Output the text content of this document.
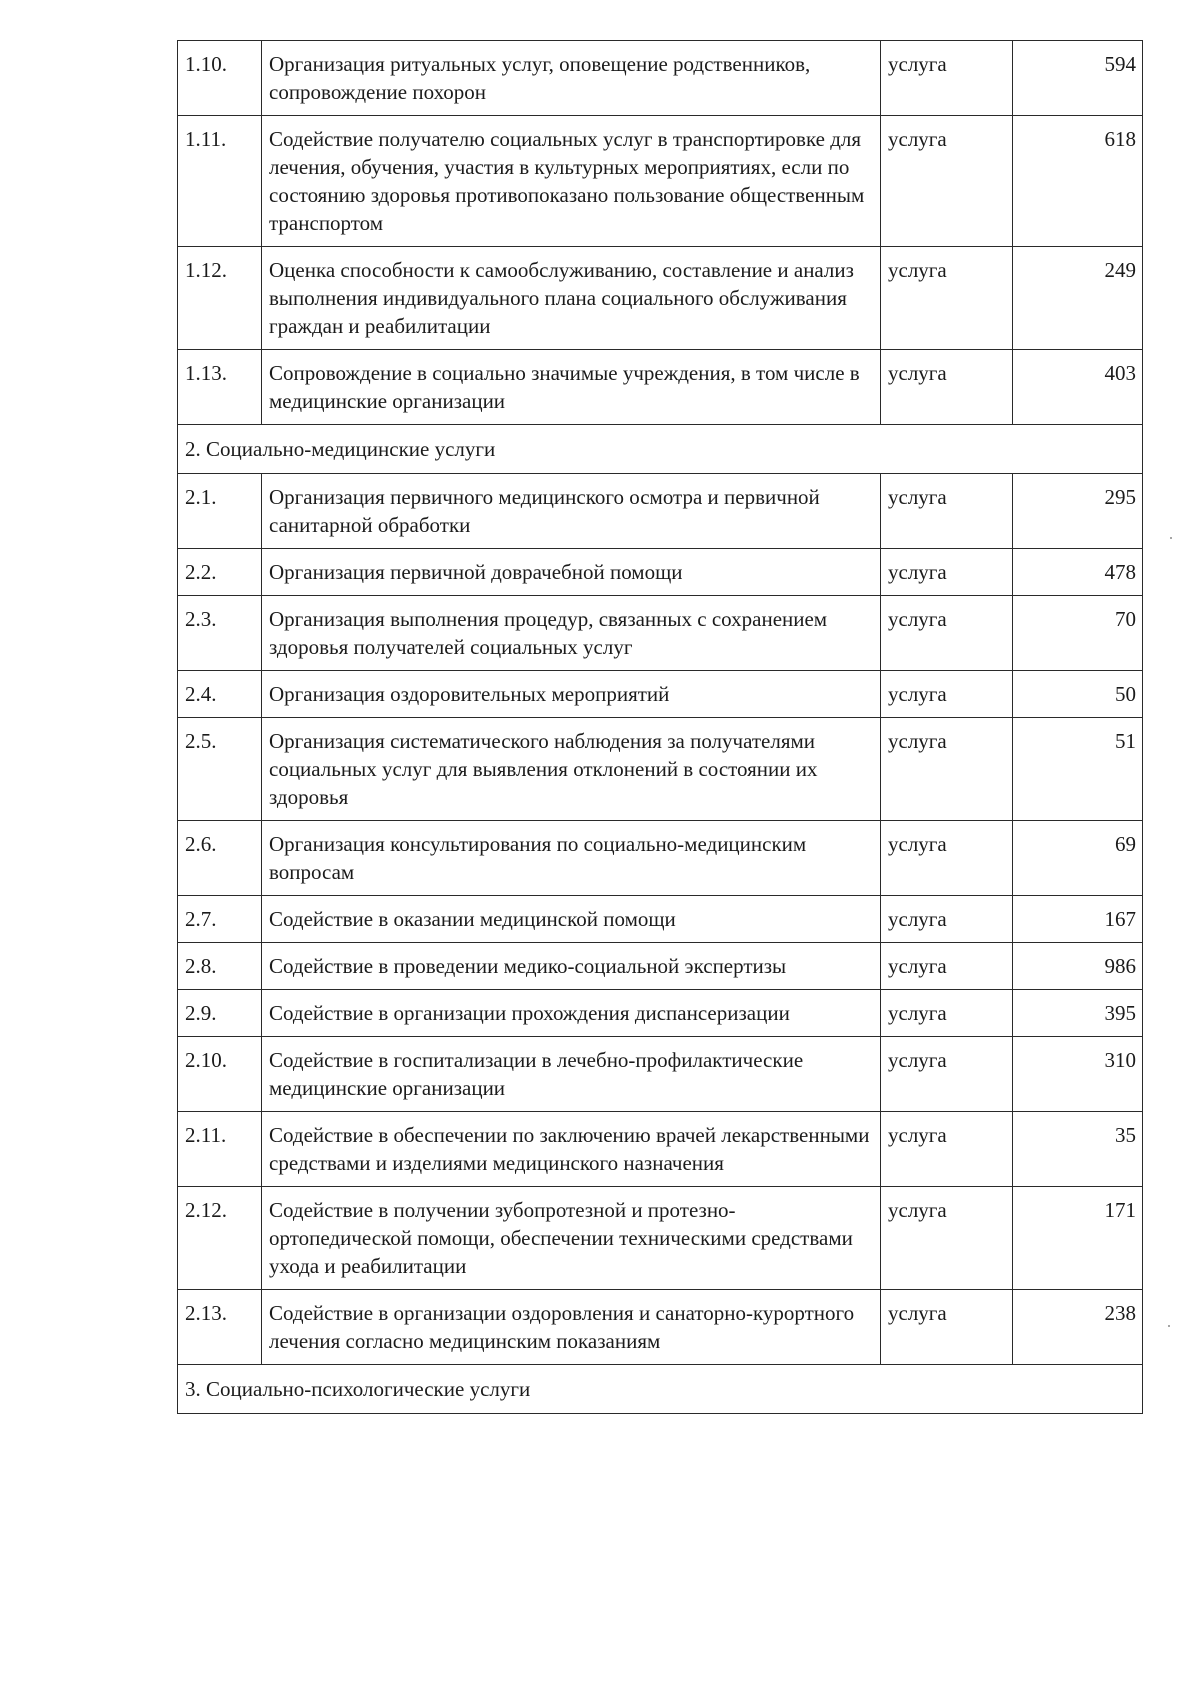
1.10.	Организация ритуальных услуг, оповещение родственников, сопровождение похорон	услуга	594
1.11.	Содействие получателю социальных услуг в транспортировке для лечения, обучения, участия в культурных мероприятиях, если по состоянию здоровья противопоказано пользование общественным транспортом	услуга	618
1.12.	Оценка способности к самообслуживанию, составление и анализ выполнения индивидуального плана социального обслуживания граждан и реабилитации	услуга	249
1.13.	Сопровождение в социально значимые учреждения, в том числе в медицинские организации	услуга	403
2. Социально-медицинские услуги			
2.1.	Организация первичного медицинского осмотра и первичной санитарной обработки	услуга	295
2.2.	Организация первичной доврачебной помощи	услуга	478
2.3.	Организация выполнения процедур, связанных с сохранением здоровья получателей социальных услуг	услуга	70
2.4.	Организация оздоровительных мероприятий	услуга	50
2.5.	Организация систематического наблюдения за получателями социальных услуг для выявления отклонений в состоянии их здоровья	услуга	51
2.6.	Организация консультирования по социально-медицинским вопросам	услуга	69
2.7.	Содействие в оказании медицинской помощи	услуга	167
2.8.	Содействие в проведении медико-социальной экспертизы	услуга	986
2.9.	Содействие в организации прохождения диспансеризации	услуга	395
2.10.	Содействие в госпитализации в лечебно-профилактические медицинские организации	услуга	310
2.11.	Содействие в обеспечении по заключению врачей лекарственными средствами и изделиями медицинского назначения	услуга	35
2.12.	Содействие в получении зубопротезной и протезно-ортопедической помощи, обеспечении техническими средствами ухода и реабилитации	услуга	171
2.13.	Содействие в организации оздоровления и санаторно-курортного лечения согласно медицинским показаниям	услуга	238
3. Социально-психологические услуги			
